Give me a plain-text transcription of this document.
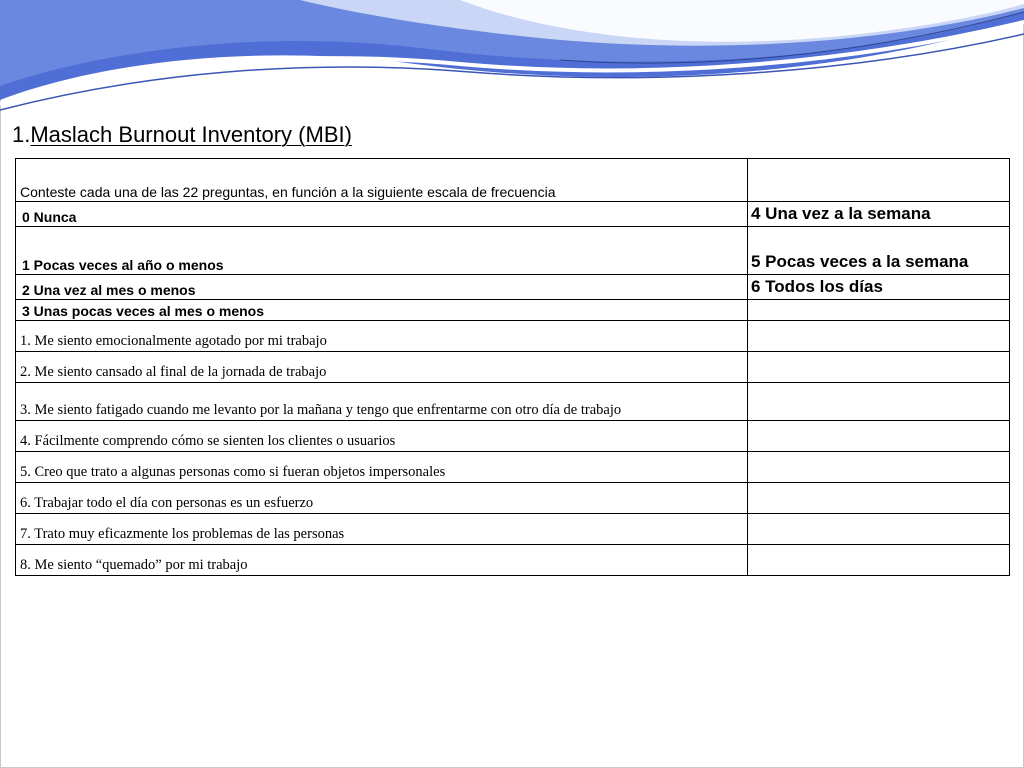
1.Maslach Burnout Inventory (MBI)
Conteste cada una de las 22 preguntas, en función a la siguiente escala de frecuencia	
0 Nunca	4 Una vez a la semana
1 Pocas veces al año o menos	5 Pocas veces a la semana
2 Una vez al mes o menos	6 Todos los días
3 Unas pocas veces al mes o menos	
1. Me siento emocionalmente agotado por mi trabajo	
2. Me siento cansado al final de la jornada de trabajo	
3. Me siento fatigado cuando me levanto por la mañana y tengo que enfrentarme con otro día de trabajo	
4. Fácilmente comprendo cómo se sienten los clientes o usuarios	
5. Creo que trato a algunas personas como si fueran objetos impersonales	
6. Trabajar todo el día con personas es un esfuerzo	
7. Trato muy eficazmente los problemas de las personas	
8. Me siento “quemado” por mi trabajo	
